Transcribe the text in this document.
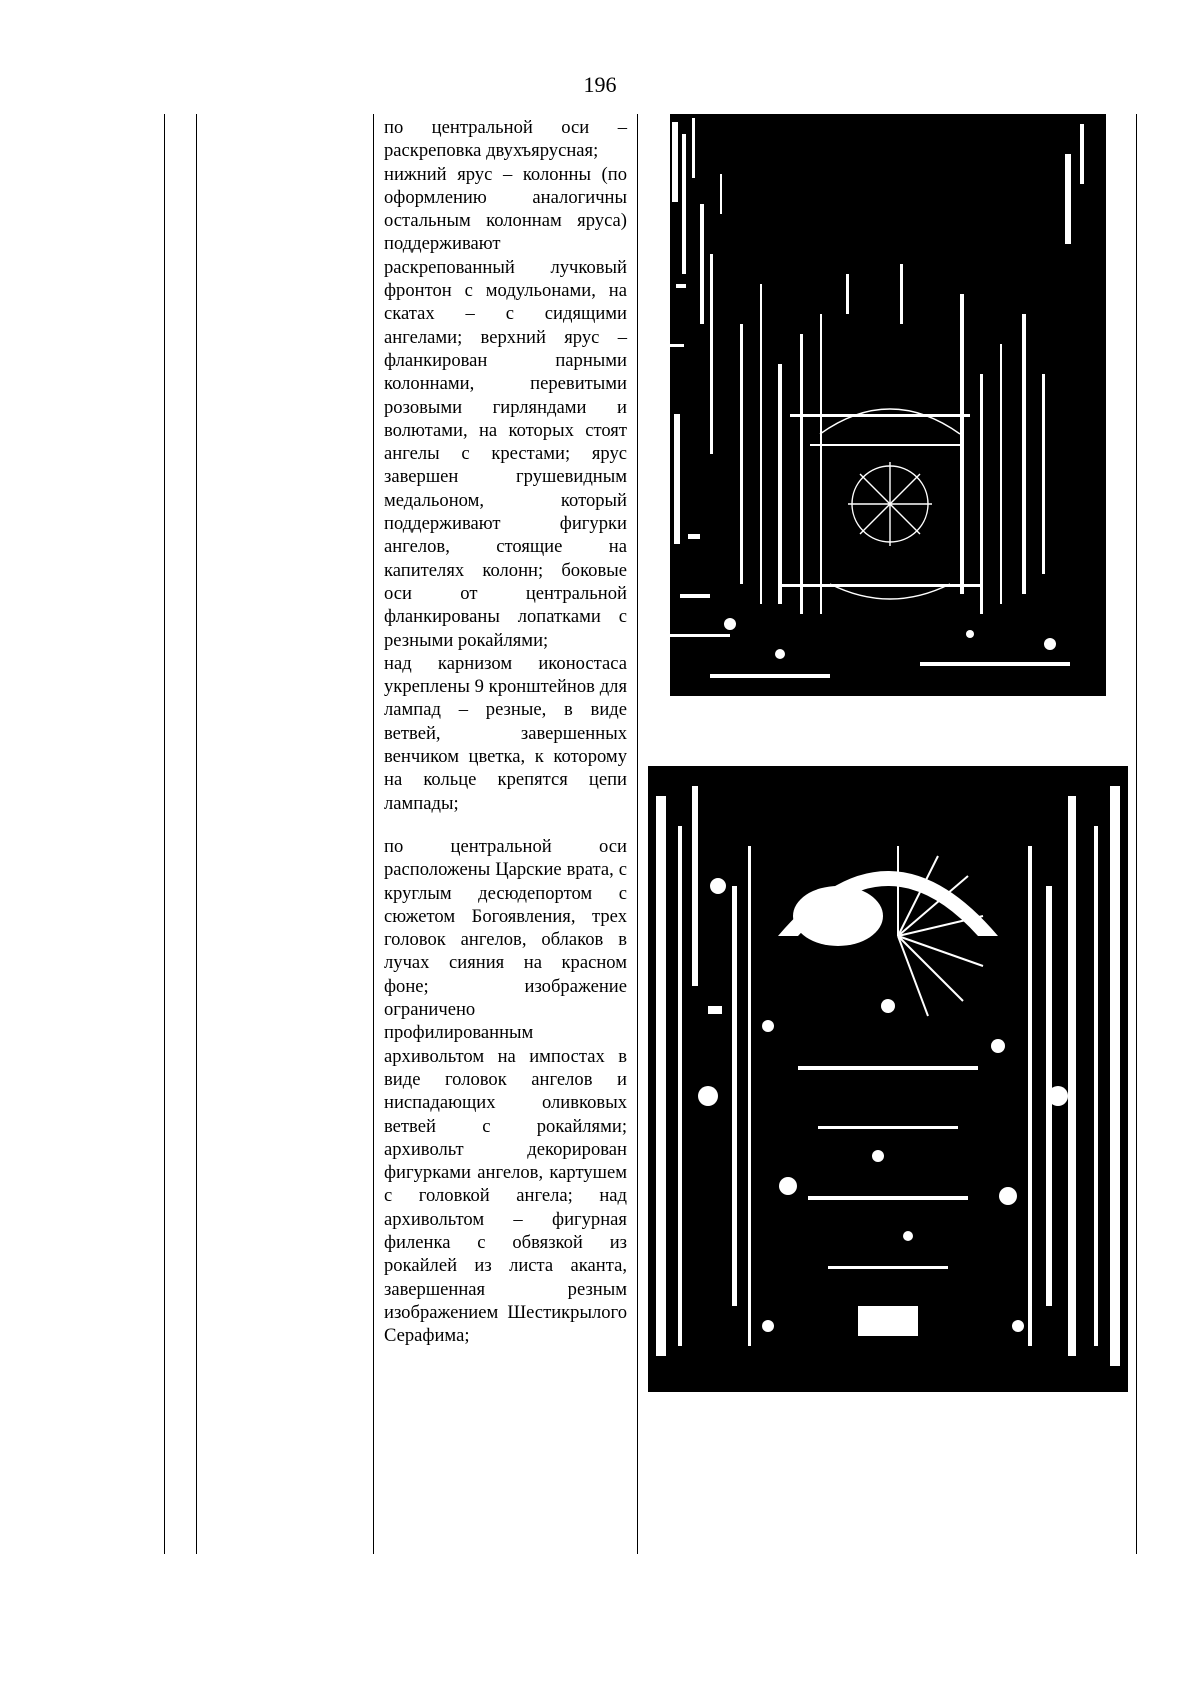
196

по центральной оси – раскреповка двухъярусная;

нижний ярус – колонны (по оформлению аналогичны остальным колоннам яруса) поддерживают раскрепованный лучковый фронтон с модульонами, на скатах – с сидящими ангелами; верхний ярус – фланкирован парными колоннами, перевитыми розовыми гирляндами и волютами, на которых стоят ангелы с крестами; ярус завершен грушевидным медальоном, который поддерживают фигурки ангелов, стоящие на капителях колонн; боковые оси от центральной фланкированы лопатками с резными рокайлями;

над карнизом иконостаса укреплены 9 кронштейнов для лампад – резные, в виде ветвей, завершенных венчиком цветка, к которому на кольце крепятся цепи лампады;

по центральной оси расположены Царские врата, с круглым десюдепортом с сюжетом Богоявления, трех головок ангелов, облаков в лучах сияния на красном фоне; изображение ограничено профилированным архивольтом на импостах в виде головок ангелов и ниспадающих оливковых ветвей с рокайлями; архивольт декорирован фигурками ангелов, картушем с головкой ангела; над архивольтом – фигурная филенка с обвязкой из рокайлей из листа аканта, завершенная резным изображением Шестикрылого Серафима;
